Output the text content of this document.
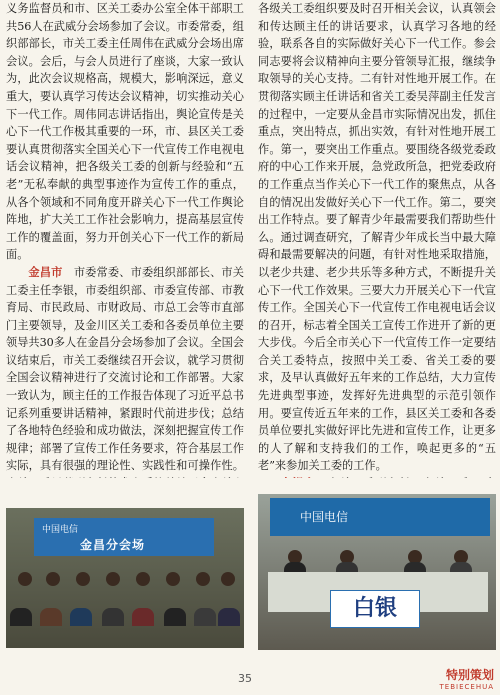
义务监督员和市、区关工委办公室全体干部职工共56人在武威分会场参加了会议。市委常委，组织部部长，市关工委主任周伟在武威分会场出席会议。会后，与会人员进行了座谈，大家一致认为，此次会议规格高，规模大，影响深远，意义重大，要认真学习传达会议精神，切实推动关心下一代工作。周伟同志讲话指出，舆论宣传是关心下一代工作极其重要的一环，市、县区关工委要认真贯彻落实全国关心下一代宣传工作电视电话会议精神，把各级关工委的创新与经验和“五老”无私奉献的典型事迹作为宣传工作的重点，从各个领域和不同角度开辟关心下一代工作舆论阵地，扩大关工工作社会影响力，提高基层宣传工作的覆盖面，努力开创关心下一代工作的新局面。

金昌市　 市委常委、市委组织部部长、市关工委主任李银，市委组织部、市委宣传部、市教育局、市民政局、市财政局、市总工会等市直部门主要领导，及金川区关工委和各委员单位主要领导共30多人在金昌分会场参加了会议。全国会议结束后，市关工委继续召开会议，就学习贯彻全国会议精神进行了交流讨论和工作部署。大家一致认为，顾主任的工作报告体现了习近平总书记系列重要讲话精神，紧跟时代前进步伐；总结了各地特色经验和成功做法，深刻把握宣传工作规律；部署了宣传工作任务要求，符合基层工作实际，具有很强的理论性、实践性和可操作性。

各级关工委组织要及时召开相关会议，认真领会和传达顾主任的讲话要求，认真学习各地的经验，联系各自的实际做好关心下一代工作。参会同志要将会议精神向主要分管领导汇报，继续争取领导的关心支持。二有针对性地开展工作。在贯彻落实顾主任讲话和省关工委吴萍副主任发言的过程中，一定要从金昌市实际情况出发，抓住重点，突出特点，抓出实效，有针对性地开展工作。第一，要突出工作重点。要围绕各级党委政府的中心工作来开展，急党政所急，把党委政府的工作重点当作关心下一代工作的聚焦点，从各自的情况出发做好关心下一代工作。第二，要突出工作特点。要了解青少年最需要我们帮助些什么。通过调查研究，了解青少年成长当中最大障碍和最需要解决的问题，有针对性地采取措施，以老少共建、老少共乐等多种方式，不断提升关心下一代工作效果。三要大力开展关心下一代宣传工作。全国关心下一代宣传工作电视电话会议的召开，标志着全国关工宣传工作进开了新的更大步伐。今后全市关心下一代宣传工作一定要结合关工委特点，按照中关工委、省关工委的要求，及早认真做好五年来的工作总结，大力宣传先进典型事迹，发挥好先进典型的示范引领作用。要宣传近五年来的工作，县区关工委和各委员单位要扎实做好评比先进和宣传工作，让更多的人了解和支持我们的工作，唤起更多的“五老”来参加关工委的工作。

中国电信
金昌分会场
中国电信
白银
35	特别策划
TEBIECEHUA
